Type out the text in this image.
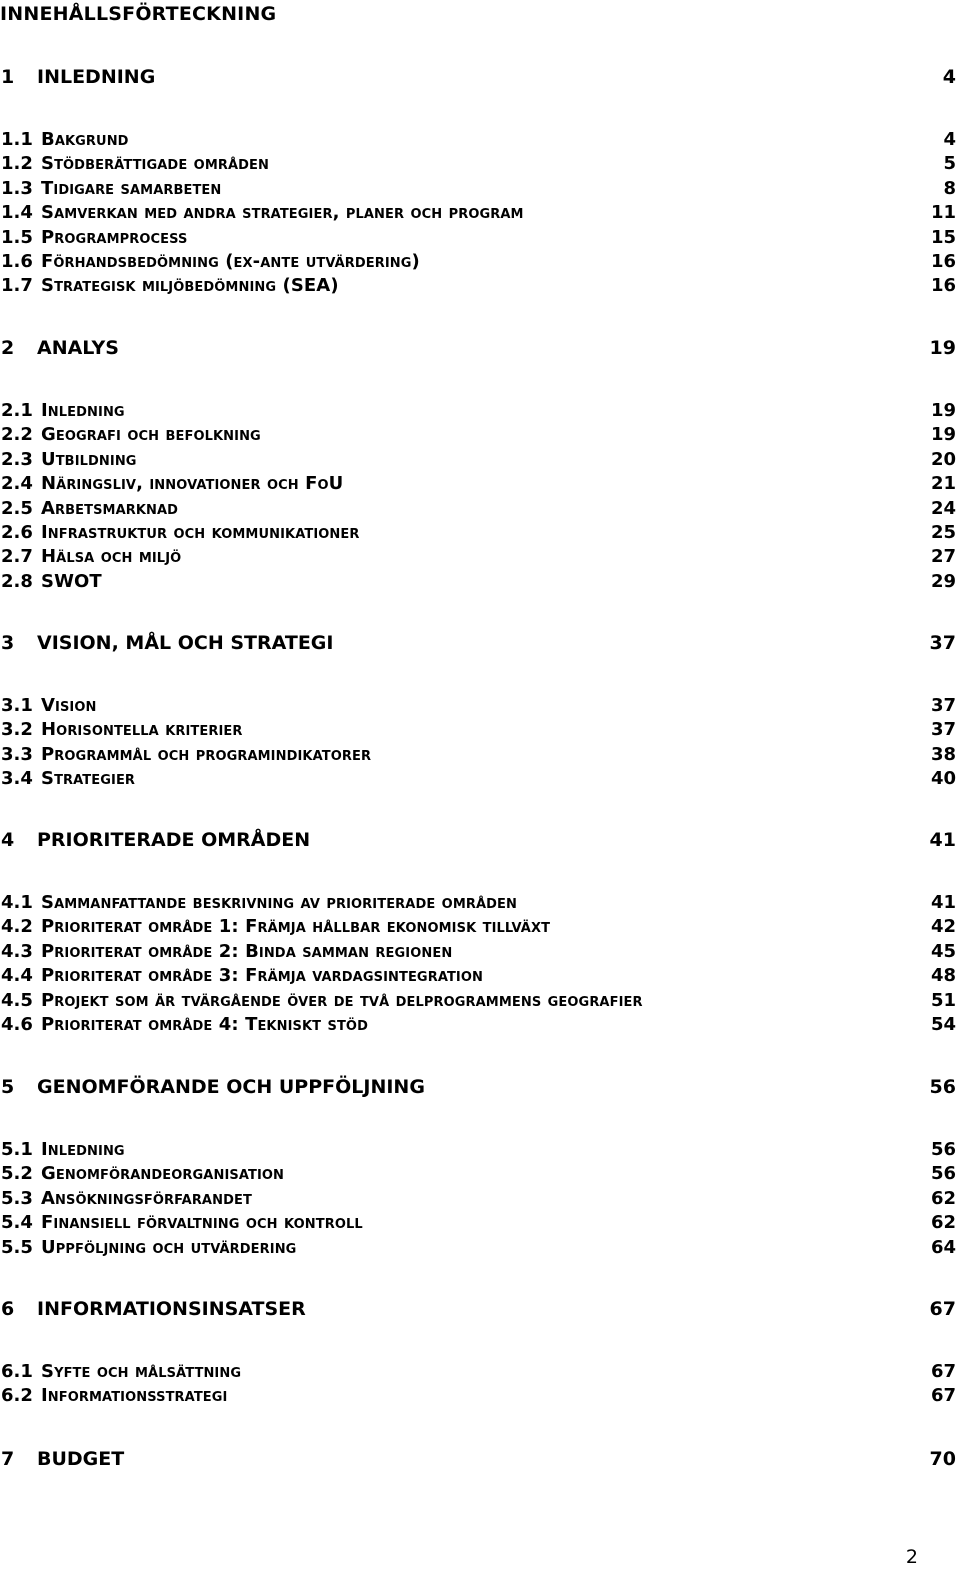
INNEHÅLLSFÖRTECKNING
1 INLEDNING	4
1.1 Bakgrund	4
1.2 Stödberättigade områden	5
1.3 Tidigare samarbeten	8
1.4 Samverkan med andra strategier, planer och program	11
1.5 Programprocess	15
1.6 Förhandsbedömning (ex-ante utvärdering)	16
1.7 Strategisk miljöbedömning (SEA)	16
2 ANALYS	19
2.1 Inledning	19
2.2 Geografi och befolkning	19
2.3 Utbildning	20
2.4 Näringsliv, innovationer och FoU	21
2.5 Arbetsmarknad	24
2.6 Infrastruktur och kommunikationer	25
2.7 Hälsa och miljö	27
2.8 SWOT	29
3 VISION, MÅL OCH STRATEGI	37
3.1 Vision	37
3.2 Horisontella kriterier	37
3.3 Programmål och programindikatorer	38
3.4 Strategier	40
4 PRIORITERADE OMRÅDEN	41
4.1 Sammanfattande beskrivning av prioriterade områden	41
4.2 Prioriterat område 1: Främja hållbar ekonomisk tillväxt	42
4.3 Prioriterat område 2: Binda samman regionen	45
4.4 Prioriterat område 3: Främja vardagsintegration	48
4.5 Projekt som är tvärgående över de två delprogrammens geografier	51
4.6 Prioriterat område 4: Tekniskt stöd	54
5 GENOMFÖRANDE OCH UPPFÖLJNING	56
5.1 Inledning	56
5.2 Genomförandeorganisation	56
5.3 Ansökningsförfarandet	62
5.4 Finansiell förvaltning och kontroll	62
5.5 Uppföljning och utvärdering	64
6 INFORMATIONSINSATSER	67
6.1 Syfte och målsättning	67
6.2 Informationsstrategi	67
7 BUDGET	70
2
